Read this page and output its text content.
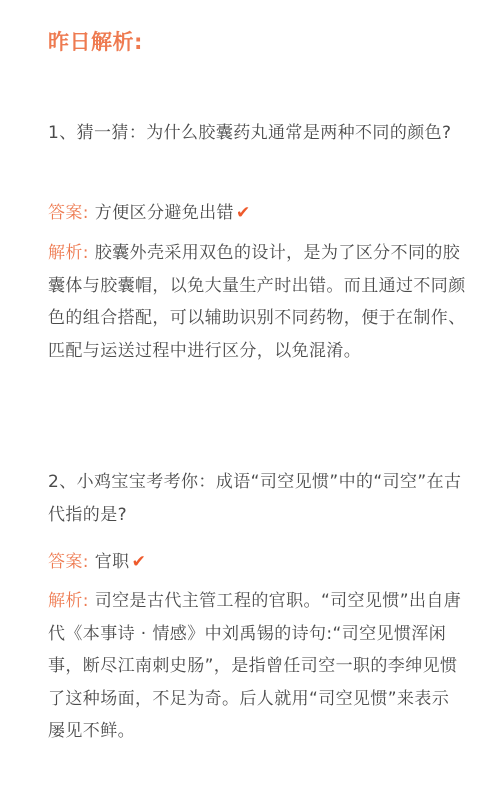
昨日解析:
1、猜一猜：为什么胶囊药丸通常是两种不同的颜色?
答案: 方便区分避免出错 ✔
解析: 胶囊外壳采用双色的设计，是为了区分不同的胶囊体与胶囊帽，以免大量生产时出错。而且通过不同颜色的组合搭配，可以辅助识别不同药物，便于在制作、匹配与运送过程中进行区分，以免混淆。
2、小鸡宝宝考考你：成语“司空见惯”中的“司空”在古代指的是?
答案: 官职 ✔
解析: 司空是古代主管工程的官职。“司空见惯”出自唐代《本事诗 · 情感》中刘禹锡的诗句:“司空见惯浑闲事，断尽江南刺史肠”，是指曾任司空一职的李绅见惯了这种场面，不足为奇。后人就用“司空见惯”来表示屡见不鲜。
